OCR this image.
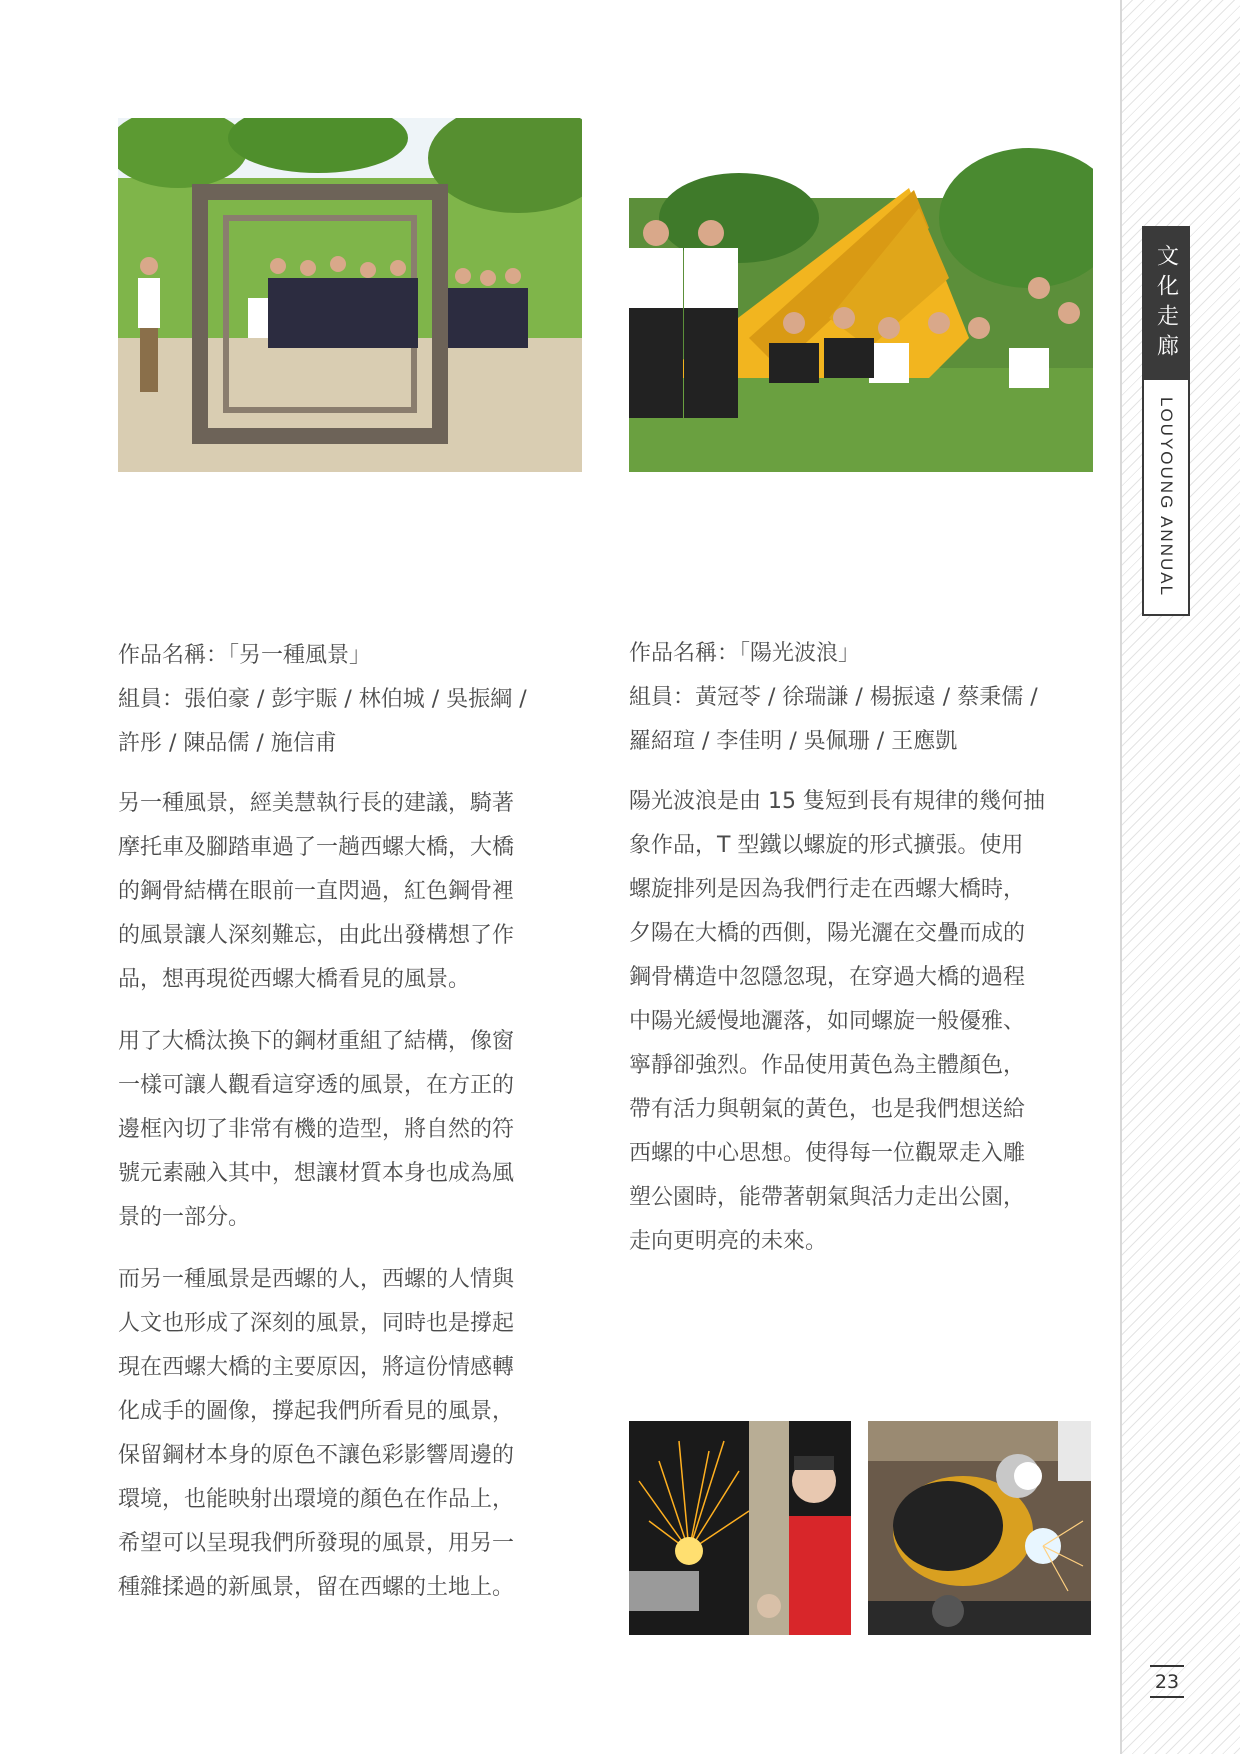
文化走廊
LOUYOUNG ANNUAL
23
作品名稱：「另一種風景」
組員：張伯豪 / 彭宇賑 / 林伯城 / 吳振綱 /
許彤 / 陳品儒 / 施信甫

另一種風景，經美慧執行長的建議，騎著
摩托車及腳踏車過了一趟西螺大橋，大橋
的鋼骨結構在眼前一直閃過，紅色鋼骨裡
的風景讓人深刻難忘，由此出發構想了作
品，想再現從西螺大橋看見的風景。

用了大橋汰換下的鋼材重組了結構，像窗
一樣可讓人觀看這穿透的風景，在方正的
邊框內切了非常有機的造型，將自然的符
號元素融入其中，想讓材質本身也成為風
景的一部分。

而另一種風景是西螺的人，西螺的人情與
人文也形成了深刻的風景，同時也是撐起
現在西螺大橋的主要原因，將這份情感轉
化成手的圖像，撐起我們所看見的風景，
保留鋼材本身的原色不讓色彩影響周邊的
環境，也能映射出環境的顏色在作品上，
希望可以呈現我們所發現的風景，用另一
種雜揉過的新風景，留在西螺的土地上。

作品名稱：「陽光波浪」
組員：黃冠苓 / 徐瑞謙 / 楊振遠 / 蔡秉儒 /
羅紹瑄 / 李佳明 / 吳佩珊 / 王應凱

陽光波浪是由 15 隻短到長有規律的幾何抽
象作品，T 型鐵以螺旋的形式擴張。使用
螺旋排列是因為我們行走在西螺大橋時，
夕陽在大橋的西側，陽光灑在交疊而成的
鋼骨構造中忽隱忽現，在穿過大橋的過程
中陽光緩慢地灑落，如同螺旋一般優雅、
寧靜卻強烈。作品使用黃色為主體顏色，
帶有活力與朝氣的黃色，也是我們想送給
西螺的中心思想。使得每一位觀眾走入雕
塑公園時，能帶著朝氣與活力走出公園，
走向更明亮的未來。
